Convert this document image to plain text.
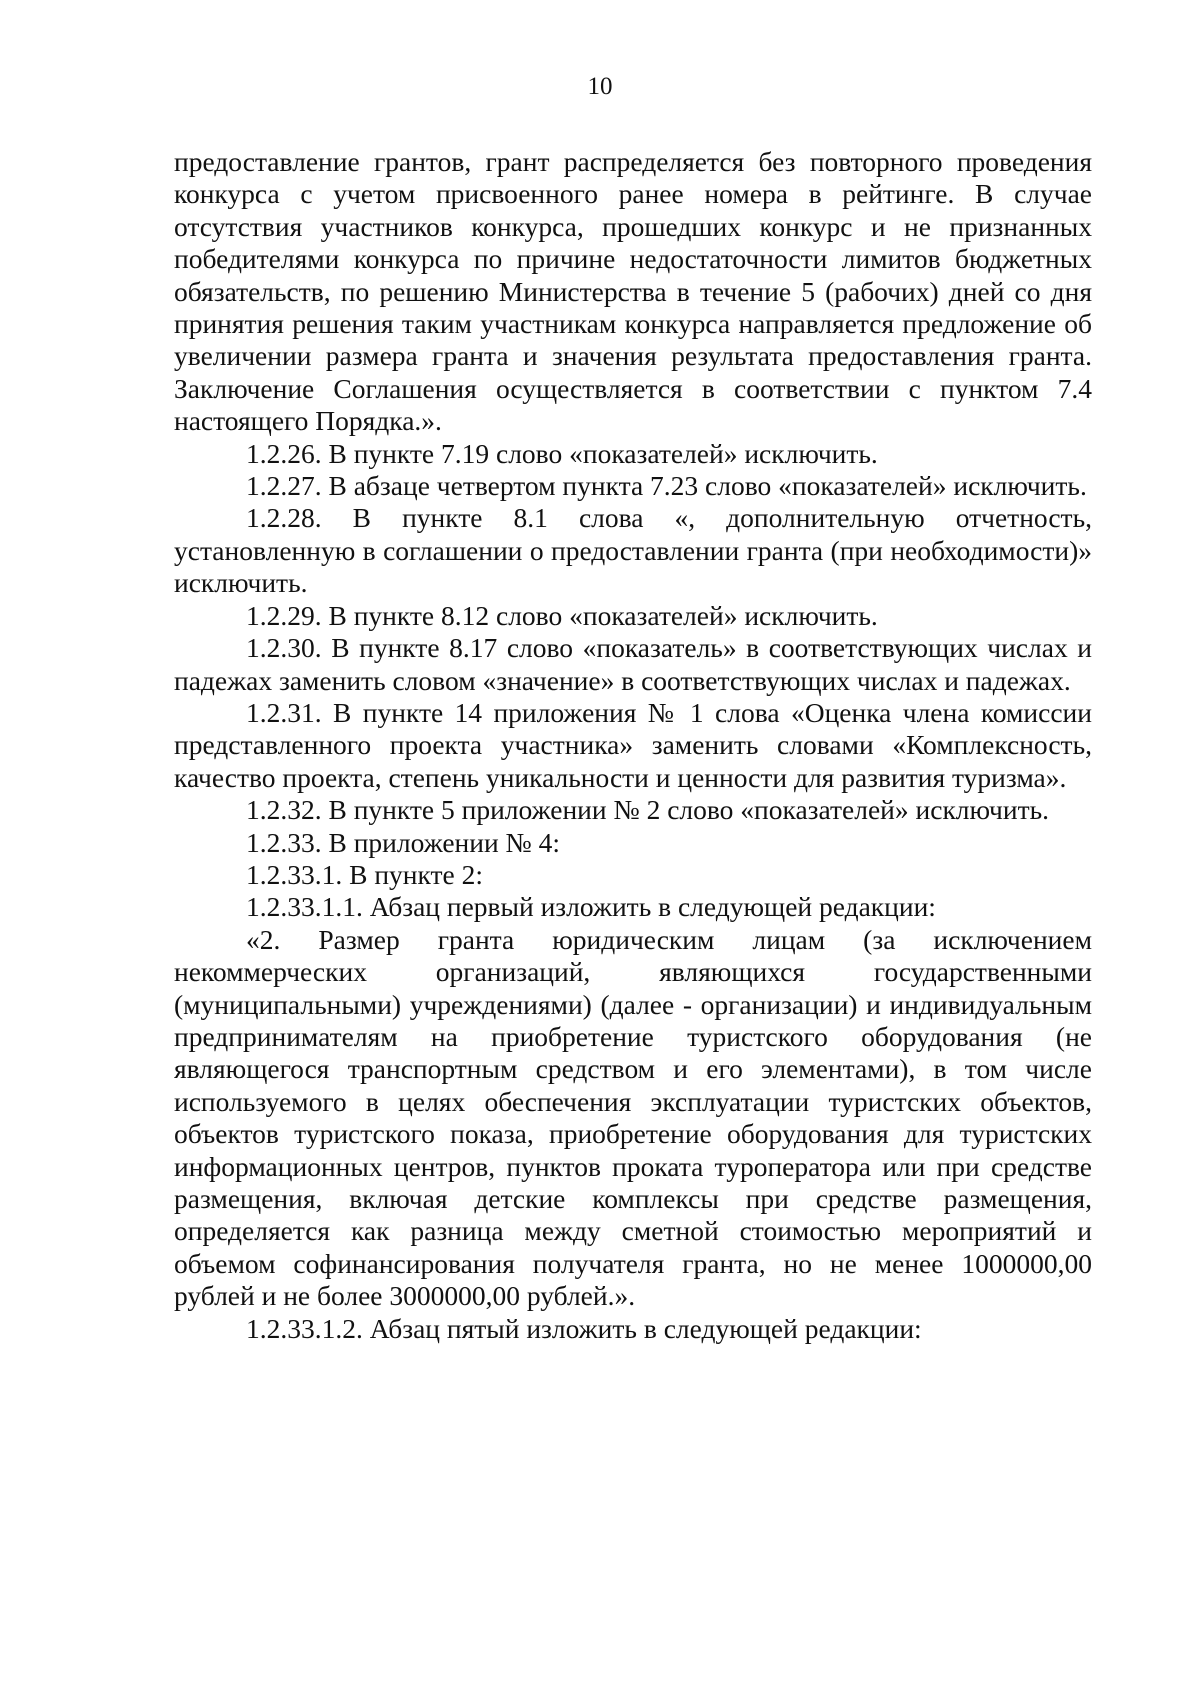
10

предоставление грантов, грант распределяется без повторного проведения конкурса с учетом присвоенного ранее номера в рейтинге. В случае отсутствия участников конкурса, прошедших конкурс и не признанных победителями конкурса по причине недостаточности лимитов бюджетных обязательств, по решению Министерства в течение 5 (рабочих) дней со дня принятия решения таким участникам конкурса направляется предложение об увеличении размера гранта и значения результата предоставления гранта. Заключение Соглашения осуществляется в соответствии с пунктом 7.4 настоящего Порядка.».

1.2.26. В пункте 7.19 слово «показателей» исключить.

1.2.27. В абзаце четвертом пункта 7.23 слово «показателей» исключить.

1.2.28. В пункте 8.1 слова «, дополнительную отчетность, установленную в соглашении о предоставлении гранта (при необходимости)» исключить.

1.2.29. В пункте 8.12 слово «показателей» исключить.

1.2.30. В пункте 8.17 слово «показатель» в соответствующих числах и падежах заменить словом «значение» в соответствующих числах и падежах.

1.2.31. В пункте 14 приложения № 1 слова «Оценка члена комиссии представленного проекта участника» заменить словами «Комплексность, качество проекта, степень уникальности и ценности для развития туризма».

1.2.32. В пункте 5 приложении № 2 слово «показателей» исключить.

1.2.33. В приложении № 4:

1.2.33.1. В пункте 2:

1.2.33.1.1. Абзац первый изложить в следующей редакции:

«2. Размер гранта юридическим лицам (за исключением некоммерческих организаций, являющихся государственными (муниципальными) учреждениями) (далее - организации) и индивидуальным предпринимателям на приобретение туристского оборудования (не являющегося транспортным средством и его элементами), в том числе используемого в целях обеспечения эксплуатации туристских объектов, объектов туристского показа, приобретение оборудования для туристских информационных центров, пунктов проката туроператора или при средстве размещения, включая детские комплексы при средстве размещения, определяется как разница между сметной стоимостью мероприятий и объемом софинансирования получателя гранта, но не менее 1000000,00 рублей и не более 3000000,00 рублей.».

1.2.33.1.2. Абзац пятый изложить в следующей редакции:
